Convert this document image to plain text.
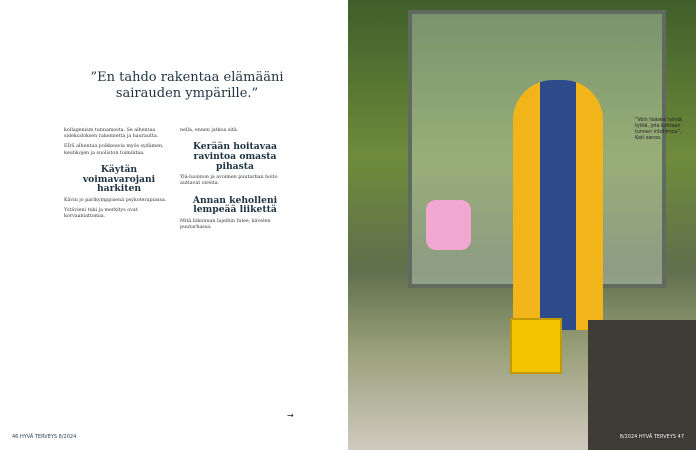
”En tahdo rakentaa elämääni sairauden ympärille.”

kollagenism tunnamosta. Se alhentaa sidekudoksen rakennetta ja haurautta.

EDS alhentaa poikkeavia myös sydämen, keuhkojen ja suoliston toimintaa.

Käytän voimavarojani harkiten

Kävin jo parikymppisenä psykoterapiassa.

Ystävieni tuki ja merkitys ovat korvaamattomia.

nella, ennen jatkoa sitä.

Kerään hoitavaa ravintoa omasta pihasta

Ylä-luonnon ja avoimen puutarhan hoito auttavat oireita.

Annan keholleni lempeää liikettä

Mitä liikunnan lajeihin tulee, kävelen puutarhassa.

→
46 HYVÄ TERVEYS 8/2024
”Voin lisäsesi tehdä työtä, jota kohtaan tunnen intohimoa”, Kati sanoo.
8/2024 HYVÄ TERVEYS 47
